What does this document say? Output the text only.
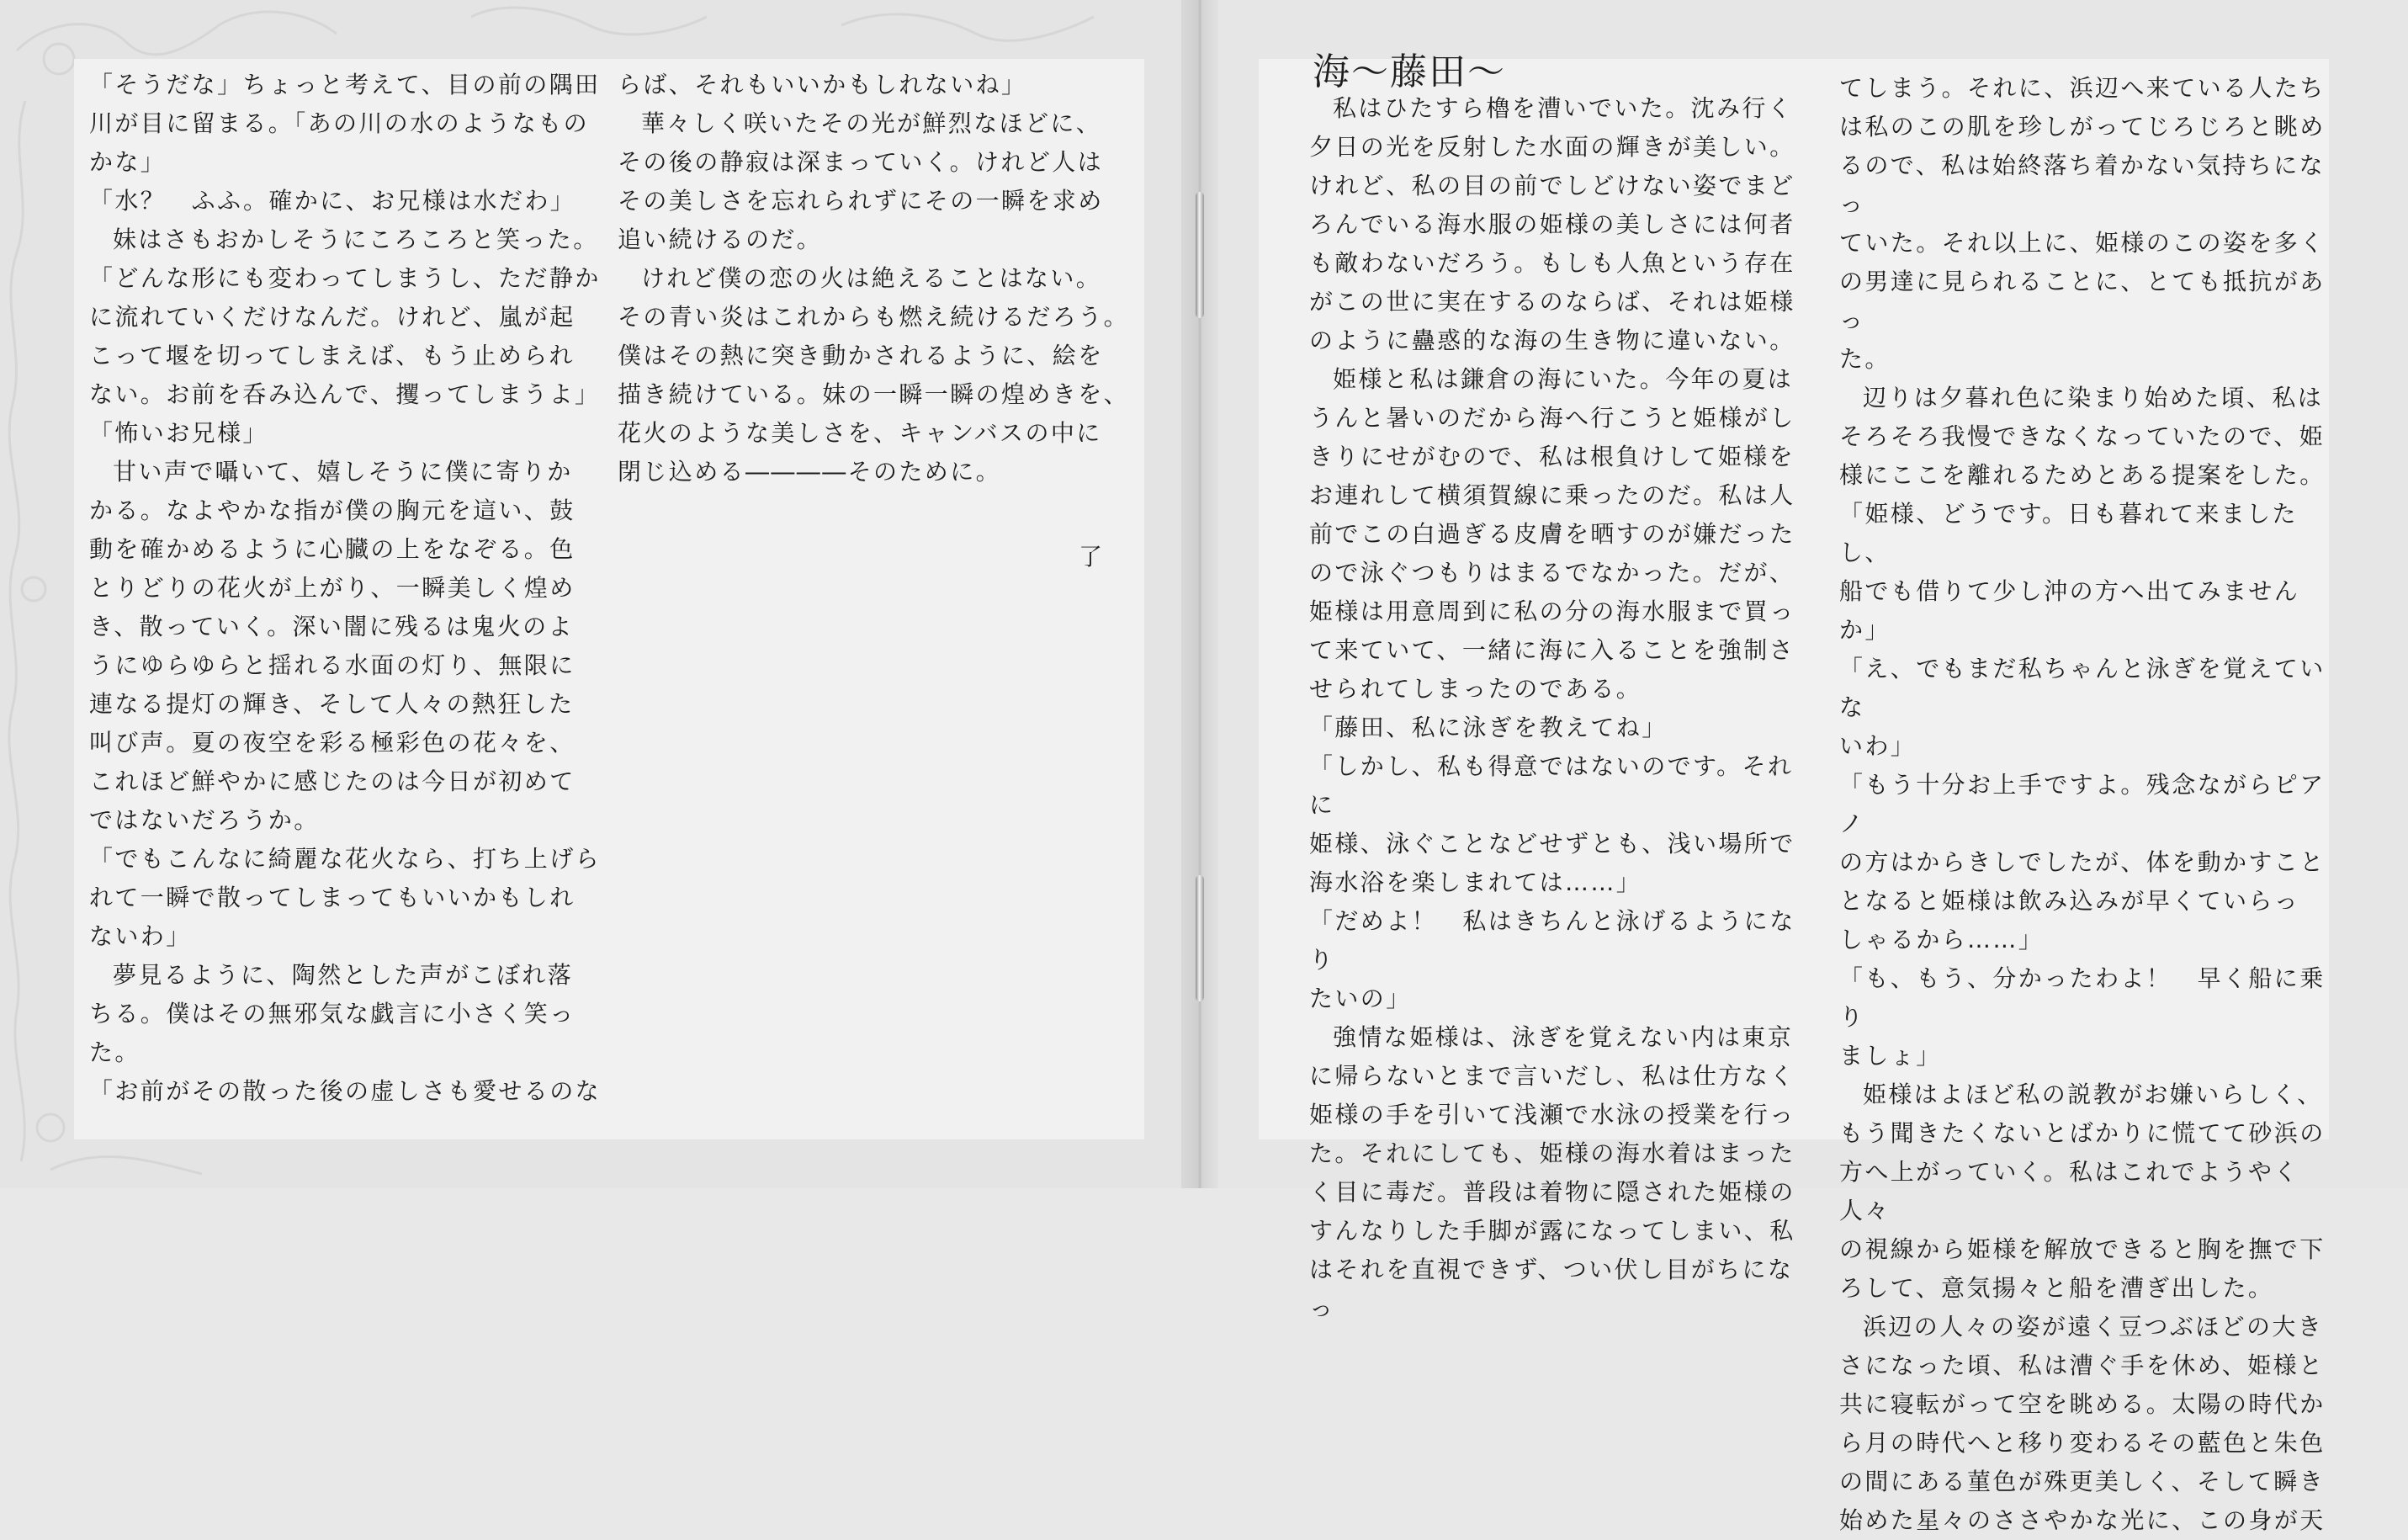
「そうだな」ちょっと考えて、目の前の隅田

川が目に留まる。「あの川の水のようなもの

かな」

「水？　ふふ。確かに、お兄様は水だわ」

妹はさもおかしそうにころころと笑った。

「どんな形にも変わってしまうし、ただ静か

に流れていくだけなんだ。けれど、嵐が起

こって堰を切ってしまえば、もう止められ

ない。お前を呑み込んで、攫ってしまうよ」

「怖いお兄様」

甘い声で囁いて、嬉しそうに僕に寄りか

かる。なよやかな指が僕の胸元を這い、鼓

動を確かめるように心臓の上をなぞる。色

とりどりの花火が上がり、一瞬美しく煌め

き、散っていく。深い闇に残るは鬼火のよ

うにゆらゆらと揺れる水面の灯り、無限に

連なる提灯の輝き、そして人々の熱狂した

叫び声。夏の夜空を彩る極彩色の花々を、

これほど鮮やかに感じたのは今日が初めて

ではないだろうか。

「でもこんなに綺麗な花火なら、打ち上げら

れて一瞬で散ってしまってもいいかもしれ

ないわ」

夢見るように、陶然とした声がこぼれ落

ちる。僕はその無邪気な戯言に小さく笑っ

た。

「お前がその散った後の虚しさも愛せるのな

らば、それもいいかもしれないね」

華々しく咲いたその光が鮮烈なほどに、

その後の静寂は深まっていく。けれど人は

その美しさを忘れられずにその一瞬を求め

追い続けるのだ。

けれど僕の恋の火は絶えることはない。

その青い炎はこれからも燃え続けるだろう。

僕はその熱に突き動かされるように、絵を

描き続けている。妹の一瞬一瞬の煌めきを、

花火のような美しさを、キャンバスの中に

閉じ込める――――そのために。

了
海～藤田～

私はひたすら櫓を漕いでいた。沈み行く

夕日の光を反射した水面の輝きが美しい。

けれど、私の目の前でしどけない姿でまど

ろんでいる海水服の姫様の美しさには何者

も敵わないだろう。もしも人魚という存在

がこの世に実在するのならば、それは姫様

のように蠱惑的な海の生き物に違いない。

姫様と私は鎌倉の海にいた。今年の夏は

うんと暑いのだから海へ行こうと姫様がし

きりにせがむので、私は根負けして姫様を

お連れして横須賀線に乗ったのだ。私は人

前でこの白過ぎる皮膚を晒すのが嫌だった

ので泳ぐつもりはまるでなかった。だが、

姫様は用意周到に私の分の海水服まで買っ

て来ていて、一緒に海に入ることを強制さ

せられてしまったのである。

「藤田、私に泳ぎを教えてね」

「しかし、私も得意ではないのです。それに

姫様、泳ぐことなどせずとも、浅い場所で

海水浴を楽しまれては……」

「だめよ！　私はきちんと泳げるようになり

たいの」

強情な姫様は、泳ぎを覚えない内は東京

に帰らないとまで言いだし、私は仕方なく

姫様の手を引いて浅瀬で水泳の授業を行っ

た。それにしても、姫様の海水着はまった

く目に毒だ。普段は着物に隠された姫様の

すんなりした手脚が露になってしまい、私

はそれを直視できず、つい伏し目がちになっ

てしまう。それに、浜辺へ来ている人たち

は私のこの肌を珍しがってじろじろと眺め

るので、私は始終落ち着かない気持ちになっ

ていた。それ以上に、姫様のこの姿を多く

の男達に見られることに、とても抵抗があっ

た。

辺りは夕暮れ色に染まり始めた頃、私は

そろそろ我慢できなくなっていたので、姫

様にここを離れるためとある提案をした。

「姫様、どうです。日も暮れて来ましたし、

船でも借りて少し沖の方へ出てみませんか」

「え、でもまだ私ちゃんと泳ぎを覚えていな

いわ」

「もう十分お上手ですよ。残念ながらピアノ

の方はからきしでしたが、体を動かすこと

となると姫様は飲み込みが早くていらっ

しゃるから……」

「も、もう、分かったわよ！　早く船に乗り

ましょ」

姫様はよほど私の説教がお嫌いらしく、

もう聞きたくないとばかりに慌てて砂浜の

方へ上がっていく。私はこれでようやく人々

の視線から姫様を解放できると胸を撫で下

ろして、意気揚々と船を漕ぎ出した。

浜辺の人々の姿が遠く豆つぶほどの大き

さになった頃、私は漕ぐ手を休め、姫様と

共に寝転がって空を眺める。太陽の時代か

ら月の時代へと移り変わるその藍色と朱色

の間にある菫色が殊更美しく、そして瞬き

始めた星々のささやかな光に、この身が天
